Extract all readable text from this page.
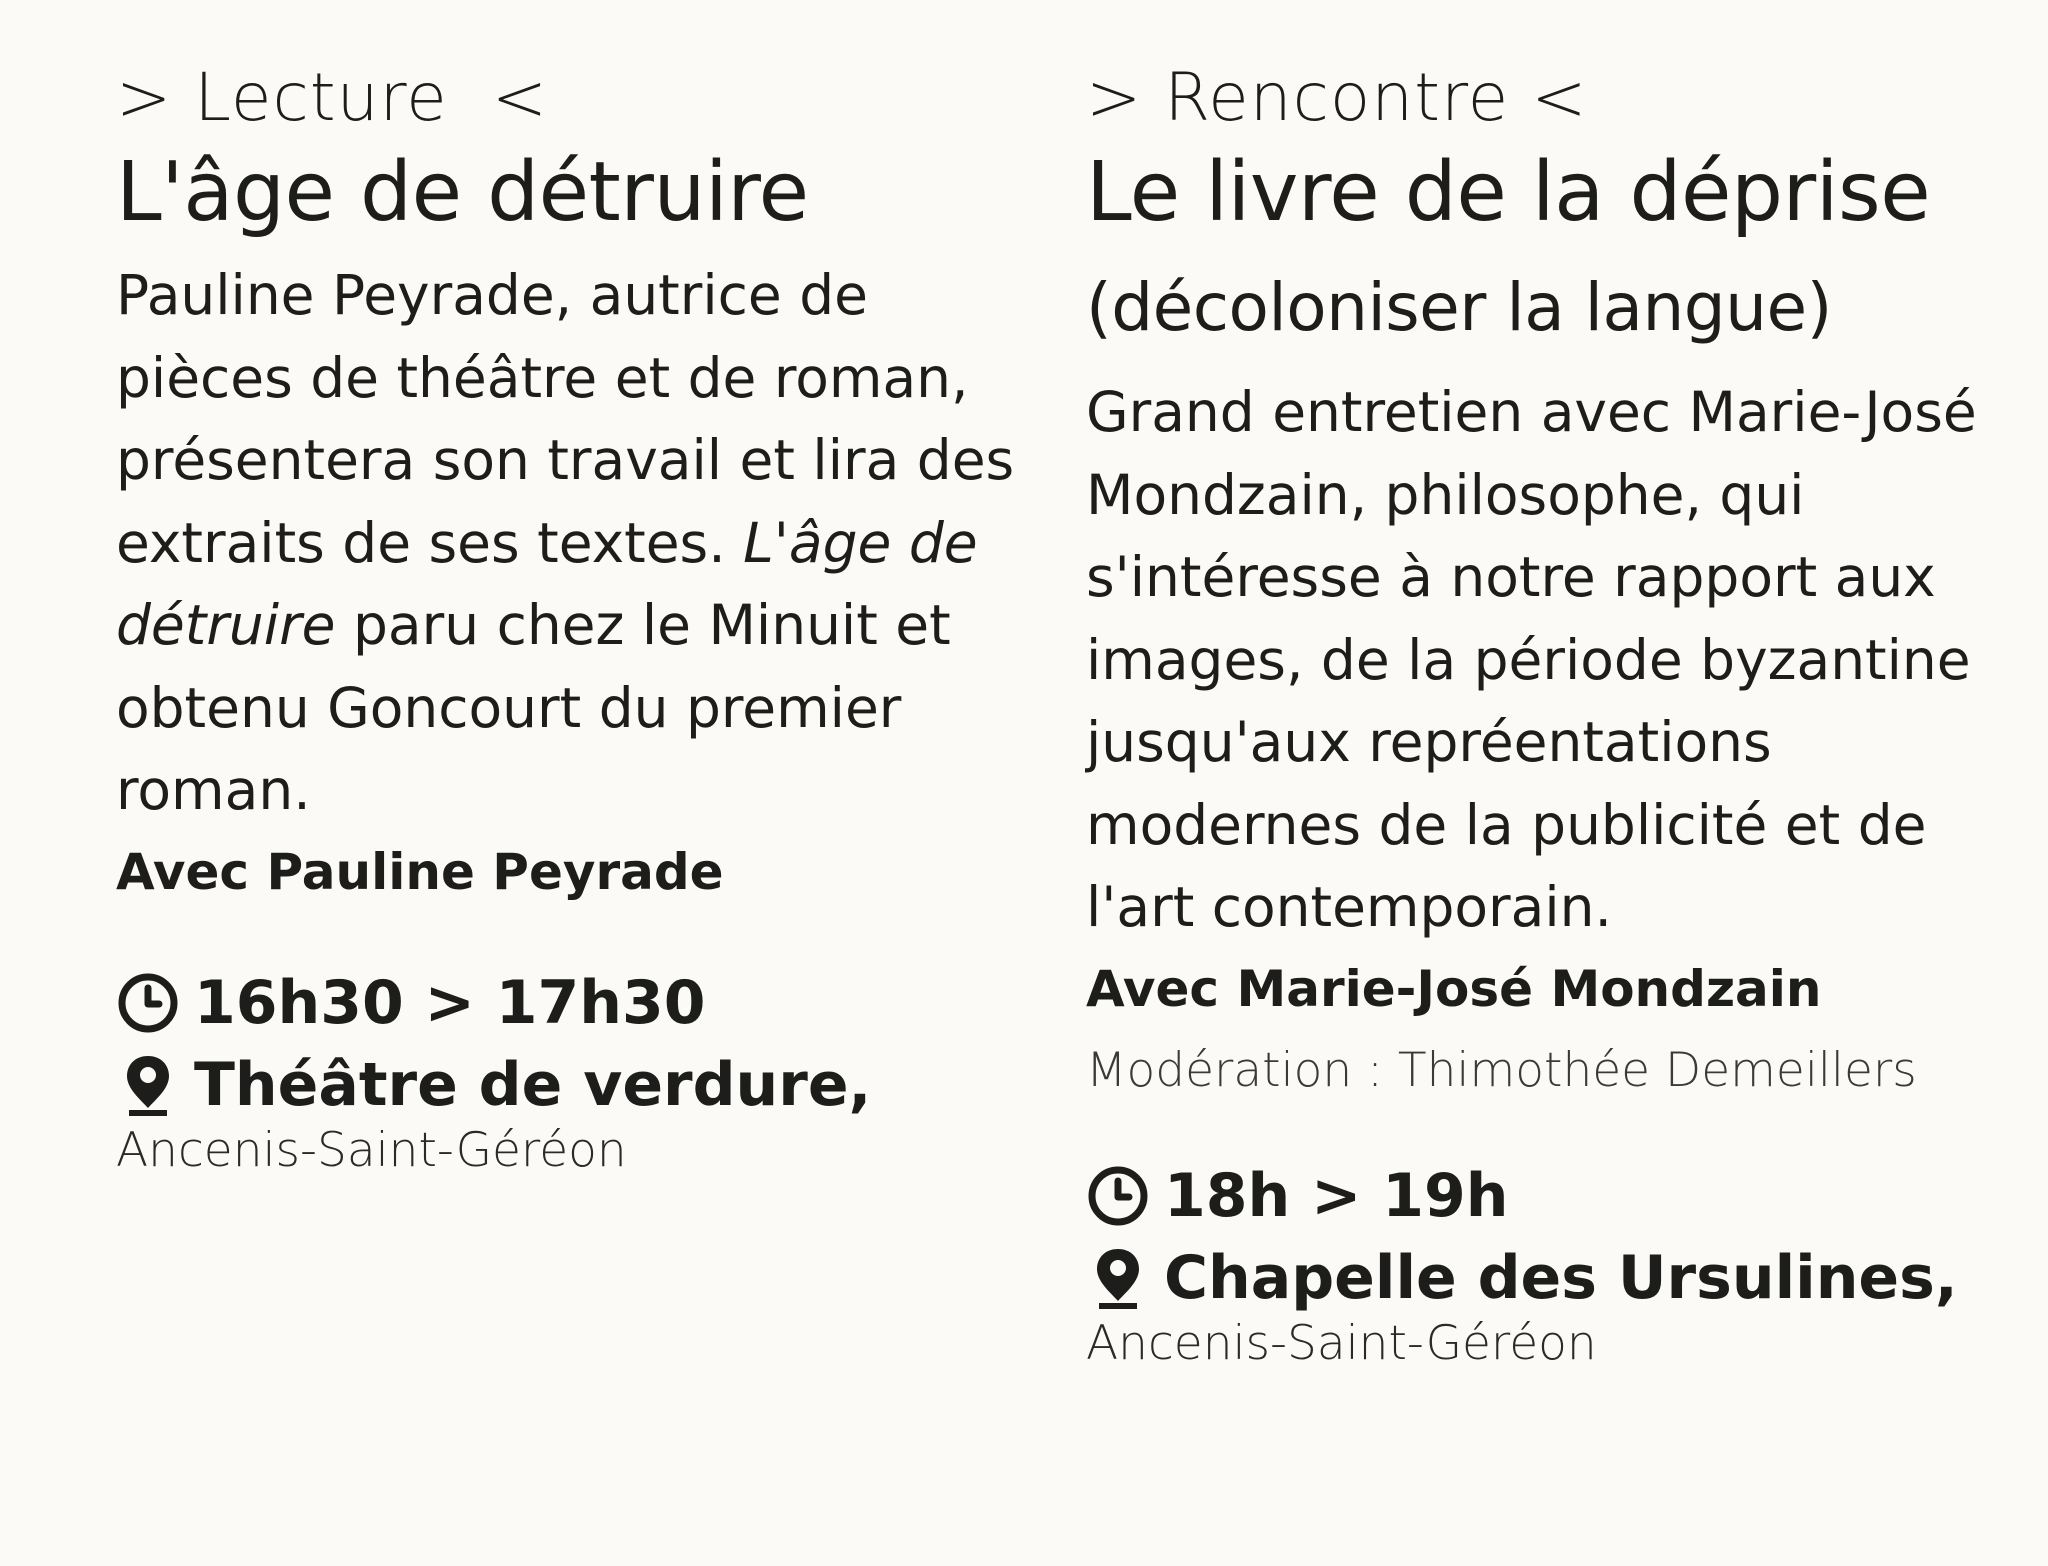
> Lecture  <
L'âge de détruire
Pauline Peyrade, autrice de pièces de théâtre et de roman, présentera son travail et lira des extraits de ses textes. L'âge de détruire paru chez le Minuit et obtenu Goncourt du premier roman.
Avec Pauline Peyrade
16h30 > 17h30
Théâtre de verdure,
Ancenis-Saint-Géréon
> Rencontre <
Le livre de la déprise (décoloniser la langue)
Grand entretien avec Marie-José Mondzain, philosophe, qui s'intéresse à notre rapport aux images, de la période byzantine jusqu'aux repréentations modernes de la publicité et de l'art contemporain.
Avec Marie-José Mondzain
Modération : Thimothée Demeillers
18h > 19h
Chapelle des Ursulines,
Ancenis-Saint-Géréon
